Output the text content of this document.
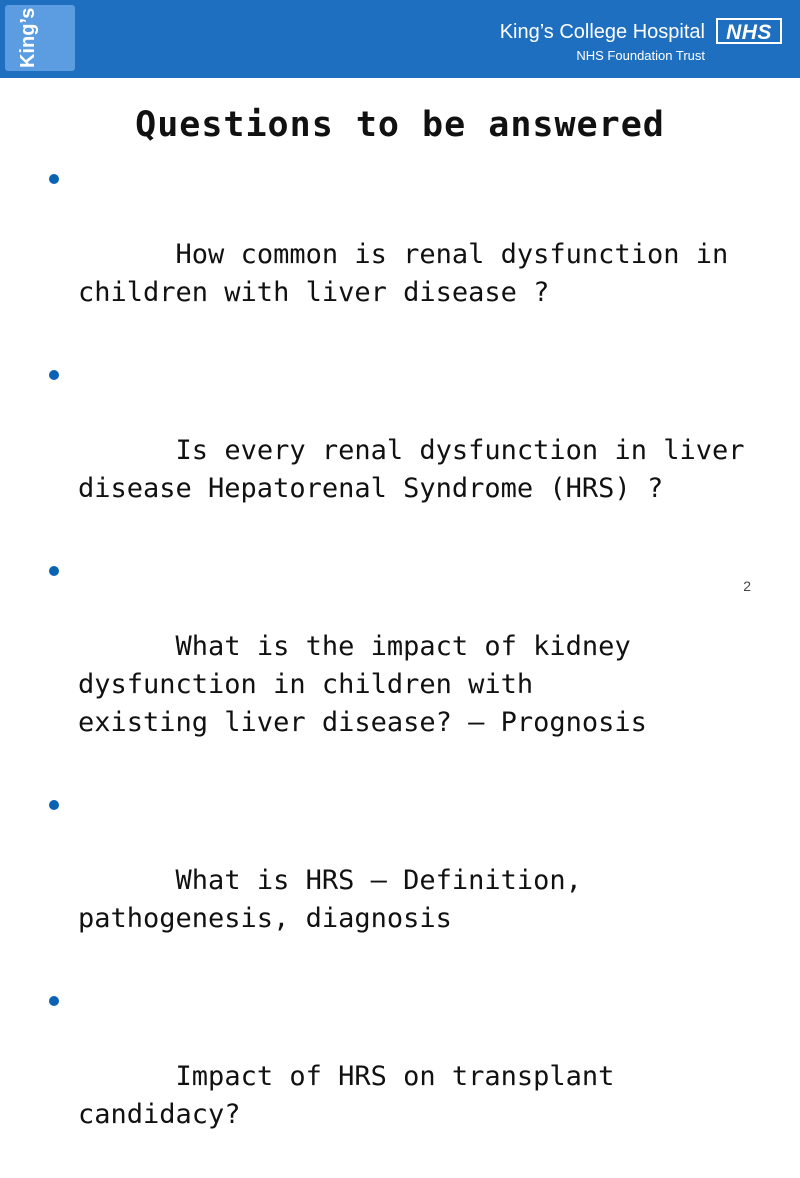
King’s	King’s College Hospital
NHS Foundation Trust
NHS
Questions to be answered

How common is renal dysfunction in
children with liver disease ?

Is every renal dysfunction in liver
disease Hepatorenal Syndrome (HRS) ?

What is the impact of kidney
dysfunction in children with
existing liver disease? – Prognosis

What is HRS – Definition,
pathogenesis, diagnosis

Impact of HRS on transplant
candidacy?

2
